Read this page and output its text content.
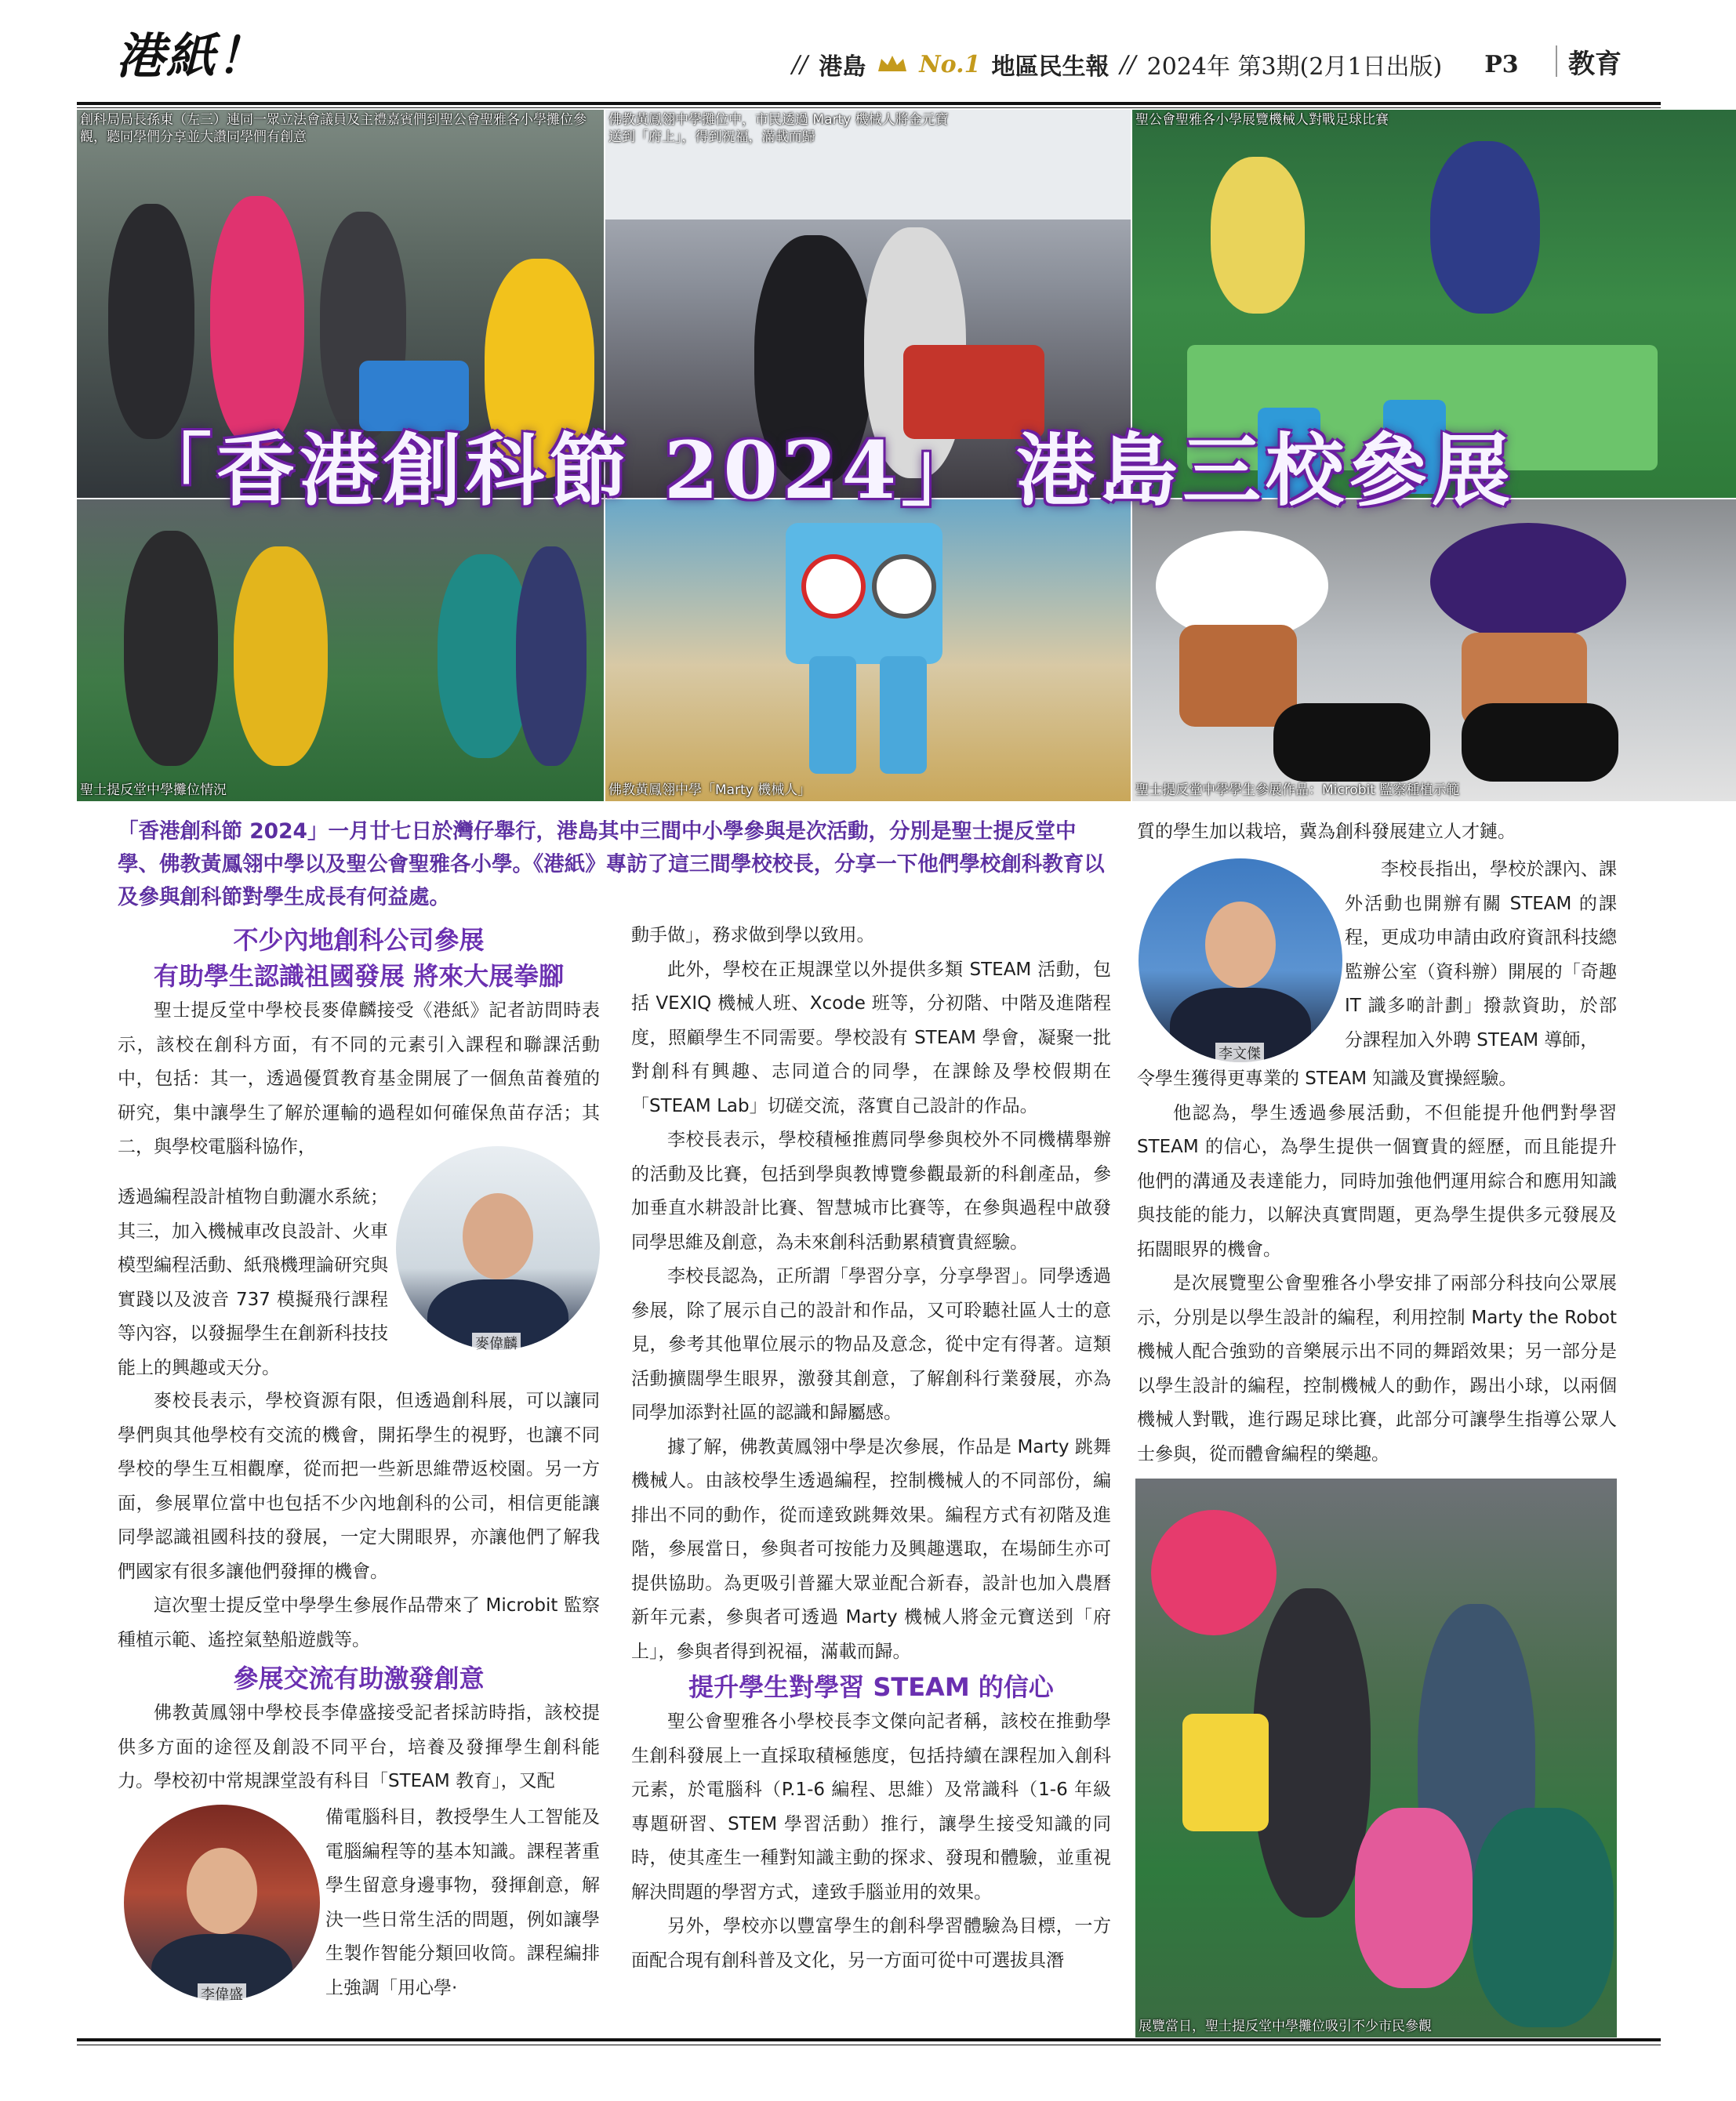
港紙！	// 港島 No.1 地區民生報 // 2024年 第3期(2月1日出版) P3 教育
創科局局長孫東（左三）連同一眾立法會議員及主禮嘉賓們到聖公會聖雅各小學攤位參觀，聽同學們分享並大讚同學們有創意
佛教黃鳳翎中學攤位中，市民透過 Marty 機械人將金元寶送到「府上」，得到祝福，滿載而歸
聖公會聖雅各小學展覽機械人對戰足球比賽
聖士提反堂中學攤位情況	佛教黃鳳翎中學「Marty 機械人」	聖士提反堂中學學生參展作品：Microbit 監察種植示範
「香港創科節 2024」 港島三校參展
「香港創科節 2024」一月廿七日於灣仔舉行，港島其中三間中小學參與是次活動，分別是聖士提反堂中學、佛教黃鳳翎中學以及聖公會聖雅各小學。《港紙》專訪了這三間學校校長，分享一下他們學校創科教育以及參與創科節對學生成長有何益處。
不少內地創科公司參展
有助學生認識祖國發展 將來大展拳腳

聖士提反堂中學校長麥偉麟接受《港紙》記者訪問時表示，該校在創科方面，有不同的元素引入課程和聯課活動中，包括：其一，透過優質教育基金開展了一個魚苗養殖的研究，集中讓學生了解於運輸的過程如何確保魚苗存活；其二，與學校電腦科協作，

透過編程設計植物自動灑水系統；其三，加入機械車改良設計、火車模型編程活動、紙飛機理論研究與實踐以及波音 737 模擬飛行課程等內容，以發掘學生在創新科技技能上的興趣或天分。

麥校長表示，學校資源有限，但透過創科展，可以讓同學們與其他學校有交流的機會，開拓學生的視野，也讓不同學校的學生互相觀摩，從而把一些新思維帶返校園。另一方面，參展單位當中也包括不少內地創科的公司，相信更能讓同學認識祖國科技的發展，一定大開眼界，亦讓他們了解我們國家有很多讓他們發揮的機會。

這次聖士提反堂中學學生參展作品帶來了 Microbit 監察種植示範、遙控氣墊船遊戲等。

參展交流有助激發創意

佛教黃鳳翎中學校長李偉盛接受記者採訪時指，該校提供多方面的途徑及創設不同平台，培養及發揮學生創科能力。學校初中常規課堂設有科目「STEAM 教育」，又配

備電腦科目，教授學生人工智能及電腦編程等的基本知識。課程著重學生留意身邊事物，發揮創意，解決一些日常生活的問題，例如讓學生製作智能分類回收筒。課程編排上強調「用心學·

麥偉麟
李偉盛
李文傑

動手做」，務求做到學以致用。

此外，學校在正規課堂以外提供多類 STEAM 活動，包括 VEXIQ 機械人班、Xcode 班等，分初階、中階及進階程度，照顧學生不同需要。學校設有 STEAM 學會，凝聚一批對創科有興趣、志同道合的同學，在課餘及學校假期在「STEAM Lab」切磋交流，落實自己設計的作品。

李校長表示，學校積極推薦同學參與校外不同機構舉辦的活動及比賽，包括到學與教博覽參觀最新的科創產品，參加垂直水耕設計比賽、智慧城市比賽等，在參與過程中啟發同學思維及創意，為未來創科活動累積寶貴經驗。

李校長認為，正所謂「學習分享，分享學習」。同學透過參展，除了展示自己的設計和作品，又可聆聽社區人士的意見，參考其他單位展示的物品及意念，從中定有得著。這類活動擴闊學生眼界，激發其創意，了解創科行業發展，亦為同學加添對社區的認識和歸屬感。

據了解，佛教黃鳳翎中學是次參展，作品是 Marty 跳舞機械人。由該校學生透過編程，控制機械人的不同部份，編排出不同的動作，從而達致跳舞效果。編程方式有初階及進階，參展當日，參與者可按能力及興趣選取，在場師生亦可提供協助。為更吸引普羅大眾並配合新春，設計也加入農曆新年元素，參與者可透過 Marty 機械人將金元寶送到「府上」，參與者得到祝福，滿載而歸。

提升學生對學習 STEAM 的信心

聖公會聖雅各小學校長李文傑向記者稱，該校在推動學生創科發展上一直採取積極態度，包括持續在課程加入創科元素，於電腦科（P.1-6 編程、思維）及常識科（1-6 年級專題研習、STEM 學習活動）推行，讓學生接受知識的同時，使其產生一種對知識主動的探求、發現和體驗，並重視解決問題的學習方式，達致手腦並用的效果。

另外，學校亦以豐富學生的創科學習體驗為目標，一方面配合現有創科普及文化，另一方面可從中可選拔具潛

質的學生加以栽培，冀為創科發展建立人才鏈。

李校長指出，學校於課內、課外活動也開辦有關 STEAM 的課程，更成功申請由政府資訊科技總監辦公室（資科辦）開展的「奇趣 IT 識多啲計劃」撥款資助，於部分課程加入外聘 STEAM 導師，

令學生獲得更專業的 STEAM 知識及實操經驗。

他認為，學生透過參展活動，不但能提升他們對學習 STEAM 的信心，為學生提供一個寶貴的經歷，而且能提升他們的溝通及表達能力，同時加強他們運用綜合和應用知識與技能的能力，以解決真實問題，更為學生提供多元發展及拓闊眼界的機會。

是次展覽聖公會聖雅各小學安排了兩部分科技向公眾展示，分別是以學生設計的編程，利用控制 Marty the Robot 機械人配合強勁的音樂展示出不同的舞蹈效果；另一部分是以學生設計的編程，控制機械人的動作，踢出小球，以兩個機械人對戰，進行踢足球比賽，此部分可讓學生指導公眾人士參與，從而體會編程的樂趣。

展覽當日，聖士提反堂中學攤位吸引不少市民參觀
